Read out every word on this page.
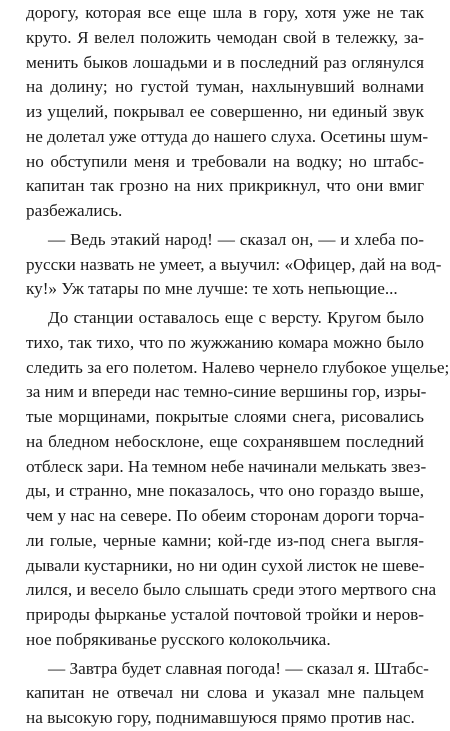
дорогу, которая все еще шла в гору, хотя уже не так
круто. Я велел положить чемодан свой в тележку, за-
менить быков лошадьми и в последний раз оглянулся
на долину; но густой туман, нахлынувший волнами
из ущелий, покрывал ее совершенно, ни единый звук
не долетал уже оттуда до нашего слуха. Осетины шум-
но обступили меня и требовали на водку; но штабс-
капитан так грозно на них прикрикнул, что они вмиг
разбежались.
— Ведь этакий народ! — сказал он, — и хлеба по-
русски назвать не умеет, а выучил: «Офицер, дай на вод-
ку!» Уж татары по мне лучше: те хоть непьющие...
До станции оставалось еще с версту. Кругом было
тихо, так тихо, что по жужжанию комара можно было
следить за его полетом. Налево чернело глубокое ущелье;
за ним и впереди нас темно-синие вершины гор, изры-
тые морщинами, покрытые слоями снега, рисовались
на бледном небосклоне, еще сохранявшем последний
отблеск зари. На темном небе начинали мелькать звез-
ды, и странно, мне показалось, что оно гораздо выше,
чем у нас на севере. По обеим сторонам дороги торча-
ли голые, черные камни; кой-где из-под снега выгля-
дывали кустарники, но ни один сухой листок не шеве-
лился, и весело было слышать среди этого мертвого сна
природы фырканье усталой почтовой тройки и неров-
ное побрякиванье русского колокольчика.
— Завтра будет славная погода! — сказал я. Штабс-
капитан не отвечал ни слова и указал мне пальцем
на высокую гору, поднимавшуюся прямо против нас.
